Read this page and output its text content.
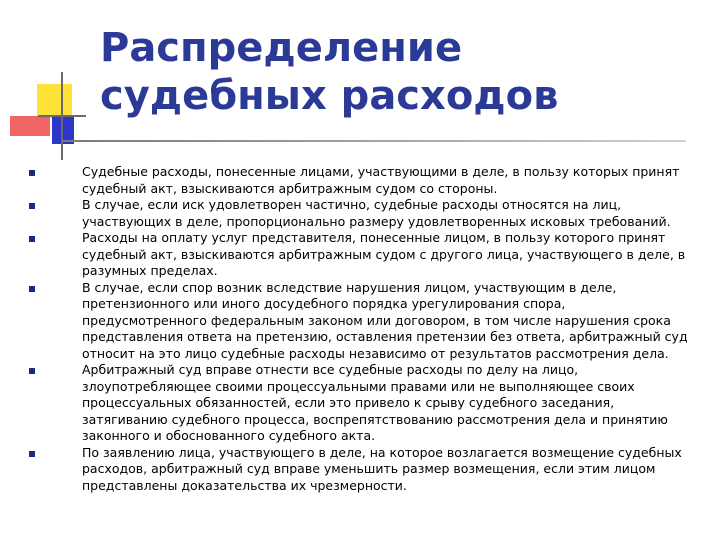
Распределение судебных расходов
Судебные расходы, понесенные лицами, участвующими в деле, в пользу которых принят судебный акт, взыскиваются арбитражным судом со стороны.
В случае, если иск удовлетворен частично, судебные расходы относятся на лиц, участвующих в деле, пропорционально размеру удовлетворенных исковых требований.
Расходы на оплату услуг представителя, понесенные лицом, в пользу которого принят судебный акт, взыскиваются арбитражным судом с другого лица, участвующего в деле, в разумных пределах.
В случае, если спор возник вследствие нарушения лицом, участвующим в деле, претензионного или иного досудебного порядка урегулирования спора, предусмотренного федеральным законом или договором, в том числе нарушения срока представления ответа на претензию, оставления претензии без ответа, арбитражный суд относит на это лицо судебные расходы независимо от результатов рассмотрения дела.
Арбитражный суд вправе отнести все судебные расходы по делу на лицо, злоупотребляющее своими процессуальными правами или не выполняющее своих процессуальных обязанностей, если это привело к срыву судебного заседания, затягиванию судебного процесса, воспрепятствованию рассмотрения дела и принятию законного и обоснованного судебного акта.
По заявлению лица, участвующего в деле, на которое возлагается возмещение судебных расходов, арбитражный суд вправе уменьшить размер возмещения, если этим лицом представлены доказательства их чрезмерности.
